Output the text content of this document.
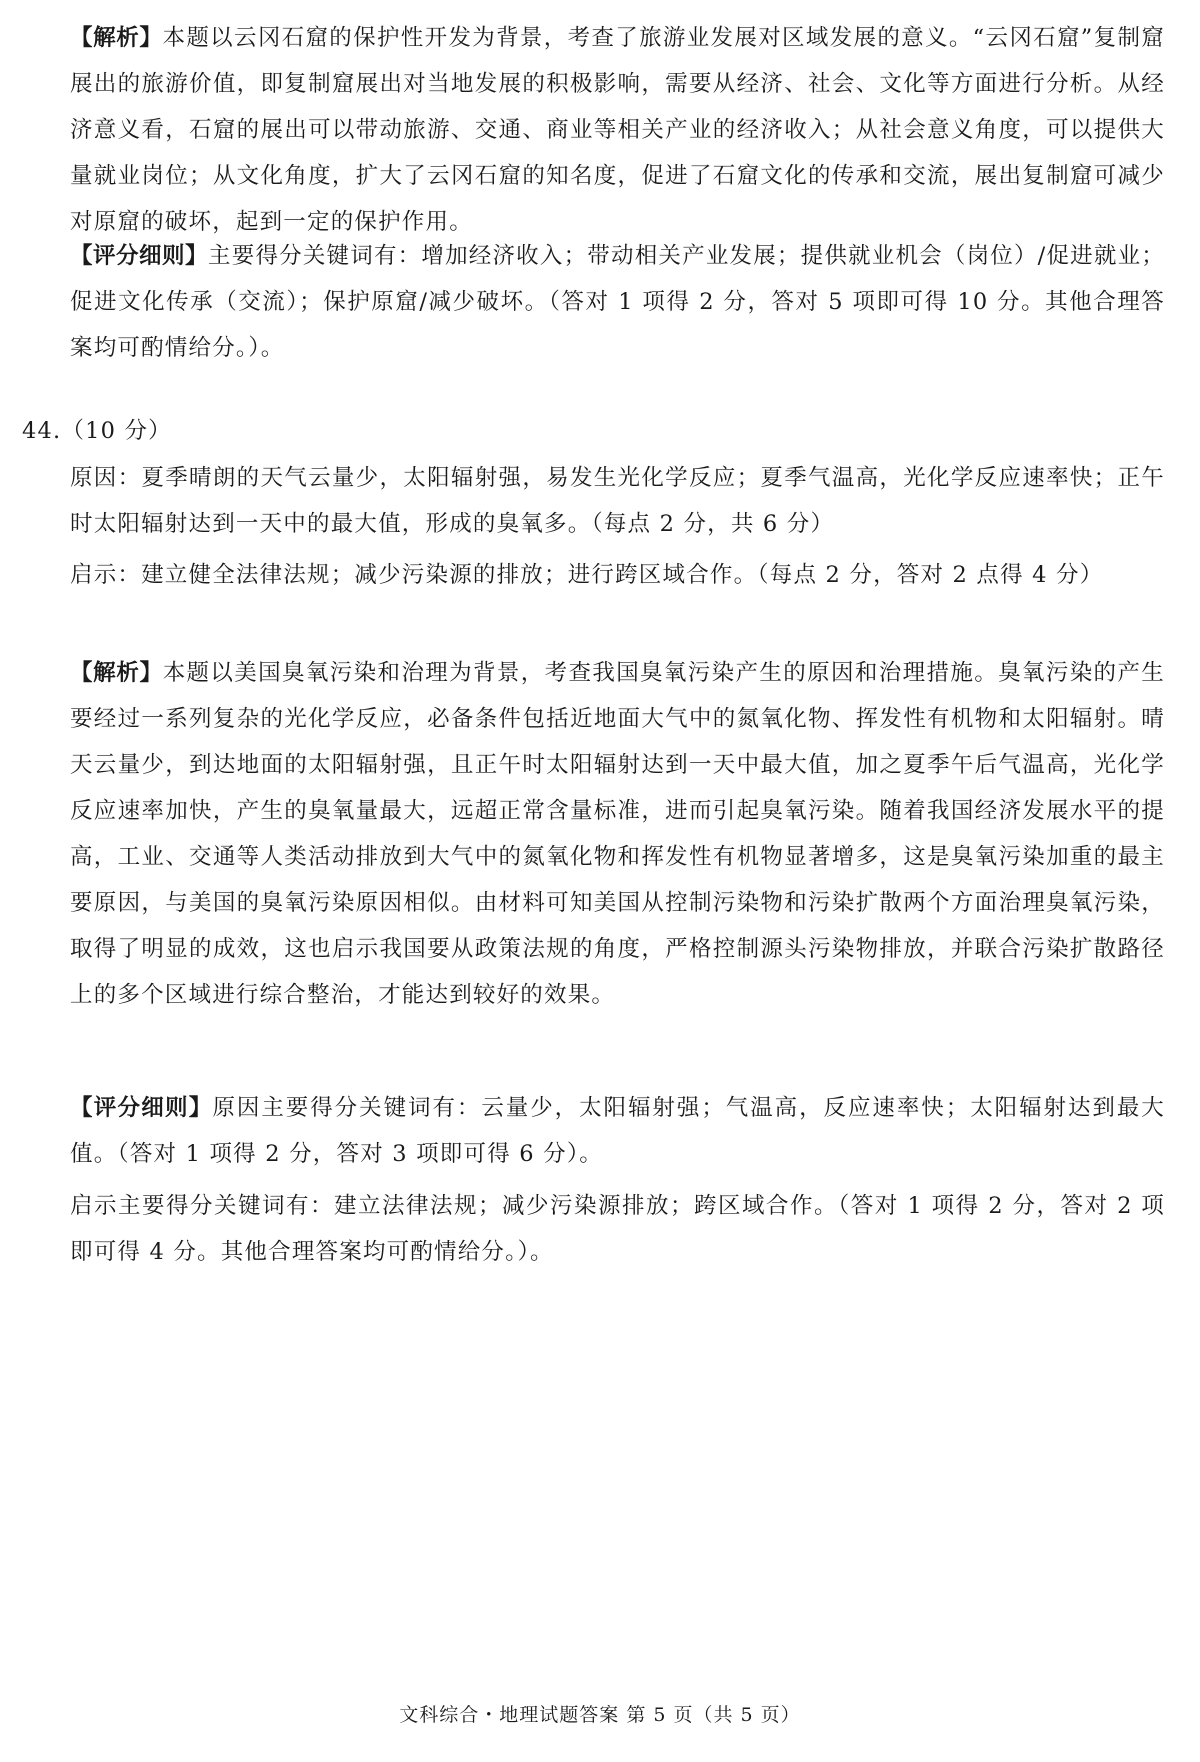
【解析】本题以云冈石窟的保护性开发为背景，考查了旅游业发展对区域发展的意义。“云冈石窟”复制窟展出的旅游价值，即复制窟展出对当地发展的积极影响，需要从经济、社会、文化等方面进行分析。从经济意义看，石窟的展出可以带动旅游、交通、商业等相关产业的经济收入；从社会意义角度，可以提供大量就业岗位；从文化角度，扩大了云冈石窟的知名度，促进了石窟文化的传承和交流，展出复制窟可减少对原窟的破坏，起到一定的保护作用。

【评分细则】主要得分关键词有：增加经济收入；带动相关产业发展；提供就业机会（岗位）/促进就业；促进文化传承（交流）；保护原窟/减少破坏。（答对 1 项得 2 分，答对 5 项即可得 10 分。其他合理答案均可酌情给分。）。

44.（10 分）

原因：夏季晴朗的天气云量少，太阳辐射强，易发生光化学反应；夏季气温高，光化学反应速率快；正午时太阳辐射达到一天中的最大值，形成的臭氧多。（每点 2 分，共 6 分）

启示：建立健全法律法规；减少污染源的排放；进行跨区域合作。（每点 2 分，答对 2 点得 4 分）

【解析】本题以美国臭氧污染和治理为背景，考查我国臭氧污染产生的原因和治理措施。臭氧污染的产生要经过一系列复杂的光化学反应，必备条件包括近地面大气中的氮氧化物、挥发性有机物和太阳辐射。晴天云量少，到达地面的太阳辐射强，且正午时太阳辐射达到一天中最大值，加之夏季午后气温高，光化学反应速率加快，产生的臭氧量最大，远超正常含量标准，进而引起臭氧污染。随着我国经济发展水平的提高，工业、交通等人类活动排放到大气中的氮氧化物和挥发性有机物显著增多，这是臭氧污染加重的最主要原因，与美国的臭氧污染原因相似。由材料可知美国从控制污染物和污染扩散两个方面治理臭氧污染，取得了明显的成效，这也启示我国要从政策法规的角度，严格控制源头污染物排放，并联合污染扩散路径上的多个区域进行综合整治，才能达到较好的效果。

【评分细则】原因主要得分关键词有：云量少，太阳辐射强；气温高，反应速率快；太阳辐射达到最大值。（答对 1 项得 2 分，答对 3 项即可得 6 分）。

启示主要得分关键词有：建立法律法规；减少污染源排放；跨区域合作。（答对 1 项得 2 分，答对 2 项即可得 4 分。其他合理答案均可酌情给分。）。

文科综合・地理试题答案 第 5 页（共 5 页）
